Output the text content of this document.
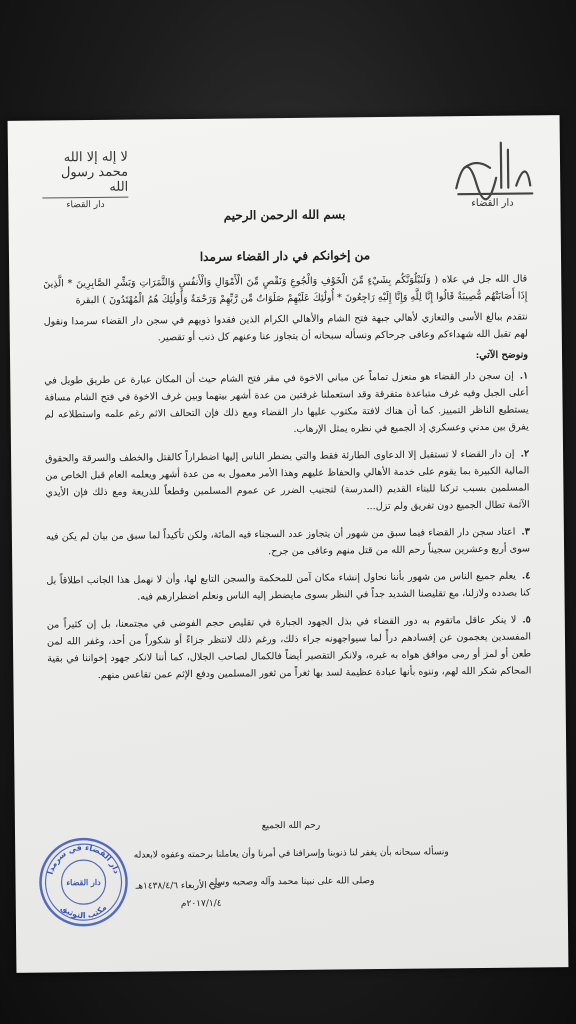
دار القضاء
لا إله إلا الله محمد رسول الله
دار القضاء
بسم الله الرحمن الرحيم
من إخوانكم في دار القضاء سرمدا

قال الله جل في علاه ( وَلَنَبْلُوَنَّكُم بِشَيْءٍ مِّنَ الْخَوْفِ وَالْجُوعِ وَنَقْصٍ مِّنَ الْأَمْوَالِ وَالْأَنفُسِ وَالثَّمَرَاتِ وَبَشِّرِ الصَّابِرِينَ * الَّذِينَ إِذَا أَصَابَتْهُم مُّصِيبَةٌ قَالُوا إِنَّا لِلَّهِ وَإِنَّا إِلَيْهِ رَاجِعُونَ * أُولَٰئِكَ عَلَيْهِمْ صَلَوَاتٌ مِّن رَّبِّهِمْ وَرَحْمَةٌ وَأُولَٰئِكَ هُمُ الْمُهْتَدُونَ ) البقرة

نتقدم ببالغ الأسى والتعازي لأهالي جبهة فتح الشام والأهالي الكرام الذين فقدوا ذويهم في سجن دار القضاء سرمدا ونقول لهم تقبل الله شهداءكم وعافى جرحاكم ونسأله سبحانه أن يتجاوز عنا وعنهم كل ذنب أو تقصير.

ونوضح الآتي:

١.إن سجن دار القضاء هو منعزل تماماً عن مباني الاخوة في مقر فتح الشام حيث أن المكان عبارة عن طريق طويل في أعلى الجبل وفيه غرف متباعدة متفرقة وقد استعملنا غرفتين من عدة أشهر بينهما وبين غرف الاخوة في فتح الشام مسافة يستطيع الناظر التمييز. كما أن هناك لافتة مكتوب عليها دار القضاء ومع ذلك فإن التحالف الاثم رغم علمه واستطلاعه لم يفرق بين مدني وعسكري إذ الجميع في نظره يمثل الإرهاب.
٢.إن دار القضاء لا تستقبل إلا الدعاوى الطارئة فقط والتي يضطر الناس إليها اضطراراً كالقتل والخطف والسرقة والحقوق المالية الكبيرة بما يقوم على خدمة الأهالي والحفاظ عليهم وهذا الأمر معمول به من عدة أشهر ويعلمه العام قبل الخاص من المسلمين بسبب تركنا للبناء القديم (المدرسة) لتجنيب الضرر عن عموم المسلمين وقطعاً للذريعة ومع ذلك فإن الأيدي الآثمة تطال الجميع دون تفريق ولم تزل...
٣.اعتاد سجن دار القضاء فيما سبق من شهور أن يتجاوز عدد السجناء فيه المائة، ولكن تأكيداً لما سبق من بيان لم يكن فيه سوى أربع وعشرين سجيناً رحم الله من قتل منهم وعافى من جرح.
٤.يعلم جميع الناس من شهور بأننا نحاول إنشاء مكان آمن للمحكمة والسجن التابع لها، وأن لا نهمل هذا الجانب اطلاقاً بل كنا بصدده ولازلنا، مع تقليصنا الشديد جداً في النظر بسوى مايضطر إليه الناس ونعلم اضطرارهم فيه.
٥.لا ينكر عاقل ماتقوم به دور القضاء في بذل الجهود الجبارة في تقليص حجم الفوضى في مجتمعنا، بل إن كثيراً من المفسدين يعجمون عن إفسادهم درأً لما سيواجهونه جراء ذلك، ورغم ذلك لانتظر جزاءً أو شكوراً من أحد، وغفر الله لمن طعن أو لمز أو رمى موافق هواه به غيره، ولانكر التقصير أيضاً فالكمال لصاحب الجلال، كما أننا لانكر جهود إخواننا في بقية المحاكم شكر الله لهم، وننوه بأنها عبادة عظيمة لسد بها ثغراً من ثغور المسلمين ودفع الإثم عمن تقاعس منهم.
رحم الله الجميع
ونسأله سبحانه بأن يغفر لنا ذنوبنا وإسرافنا في أمرنا وأن يعاملنا برحمته وعفوه لابعدله
وصلى الله على نبينا محمد وآله وصحبه وسلم
في الأربعاء ١٤٣٨/٤/٦هـ
٢٠١٧/١/٤م
دار القضاء في سرمدا
دار القضاء
مكتب التوثيق
